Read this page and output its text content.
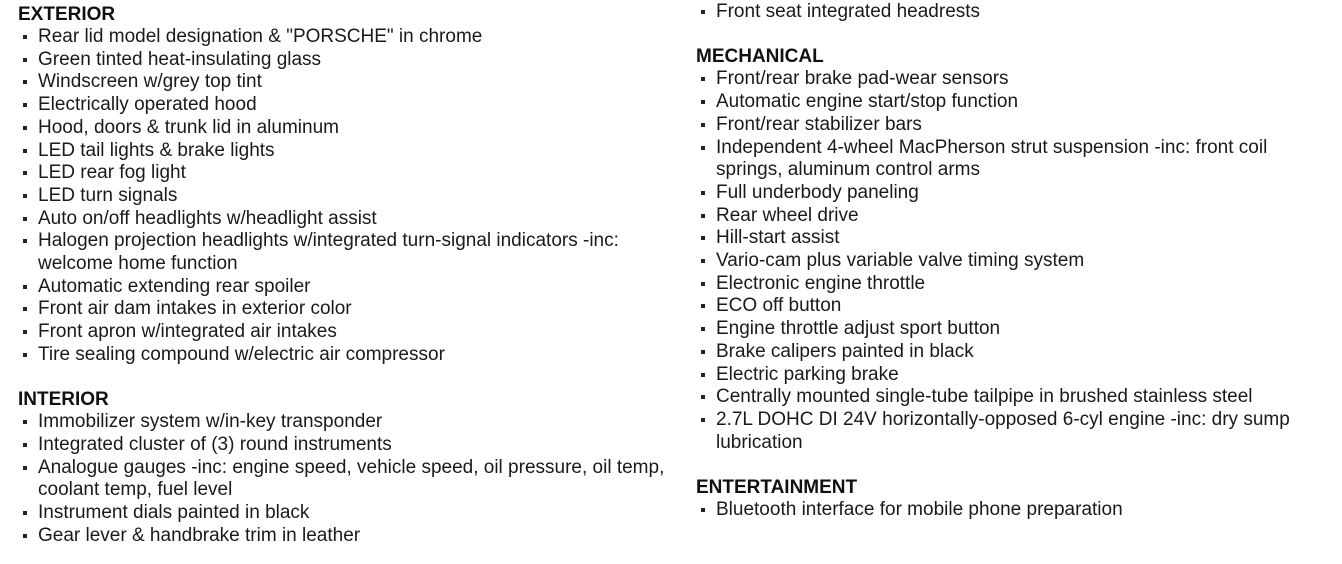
EXTERIOR
Rear lid model designation & "PORSCHE" in chrome
Green tinted heat-insulating glass
Windscreen w/grey top tint
Electrically operated hood
Hood, doors & trunk lid in aluminum
LED tail lights & brake lights
LED rear fog light
LED turn signals
Auto on/off headlights w/headlight assist
Halogen projection headlights w/integrated turn-signal indicators -inc: welcome home function
Automatic extending rear spoiler
Front air dam intakes in exterior color
Front apron w/integrated air intakes
Tire sealing compound w/electric air compressor
INTERIOR
Immobilizer system w/in-key transponder
Integrated cluster of (3) round instruments
Analogue gauges -inc: engine speed, vehicle speed, oil pressure, oil temp, coolant temp, fuel level
Instrument dials painted in black
Gear lever & handbrake trim in leather
Front seat integrated headrests
MECHANICAL
Front/rear brake pad-wear sensors
Automatic engine start/stop function
Front/rear stabilizer bars
Independent 4-wheel MacPherson strut suspension -inc: front coil springs, aluminum control arms
Full underbody paneling
Rear wheel drive
Hill-start assist
Vario-cam plus variable valve timing system
Electronic engine throttle
ECO off button
Engine throttle adjust sport button
Brake calipers painted in black
Electric parking brake
Centrally mounted single-tube tailpipe in brushed stainless steel
2.7L DOHC DI 24V horizontally-opposed 6-cyl engine -inc: dry sump lubrication
ENTERTAINMENT
Bluetooth interface for mobile phone preparation
